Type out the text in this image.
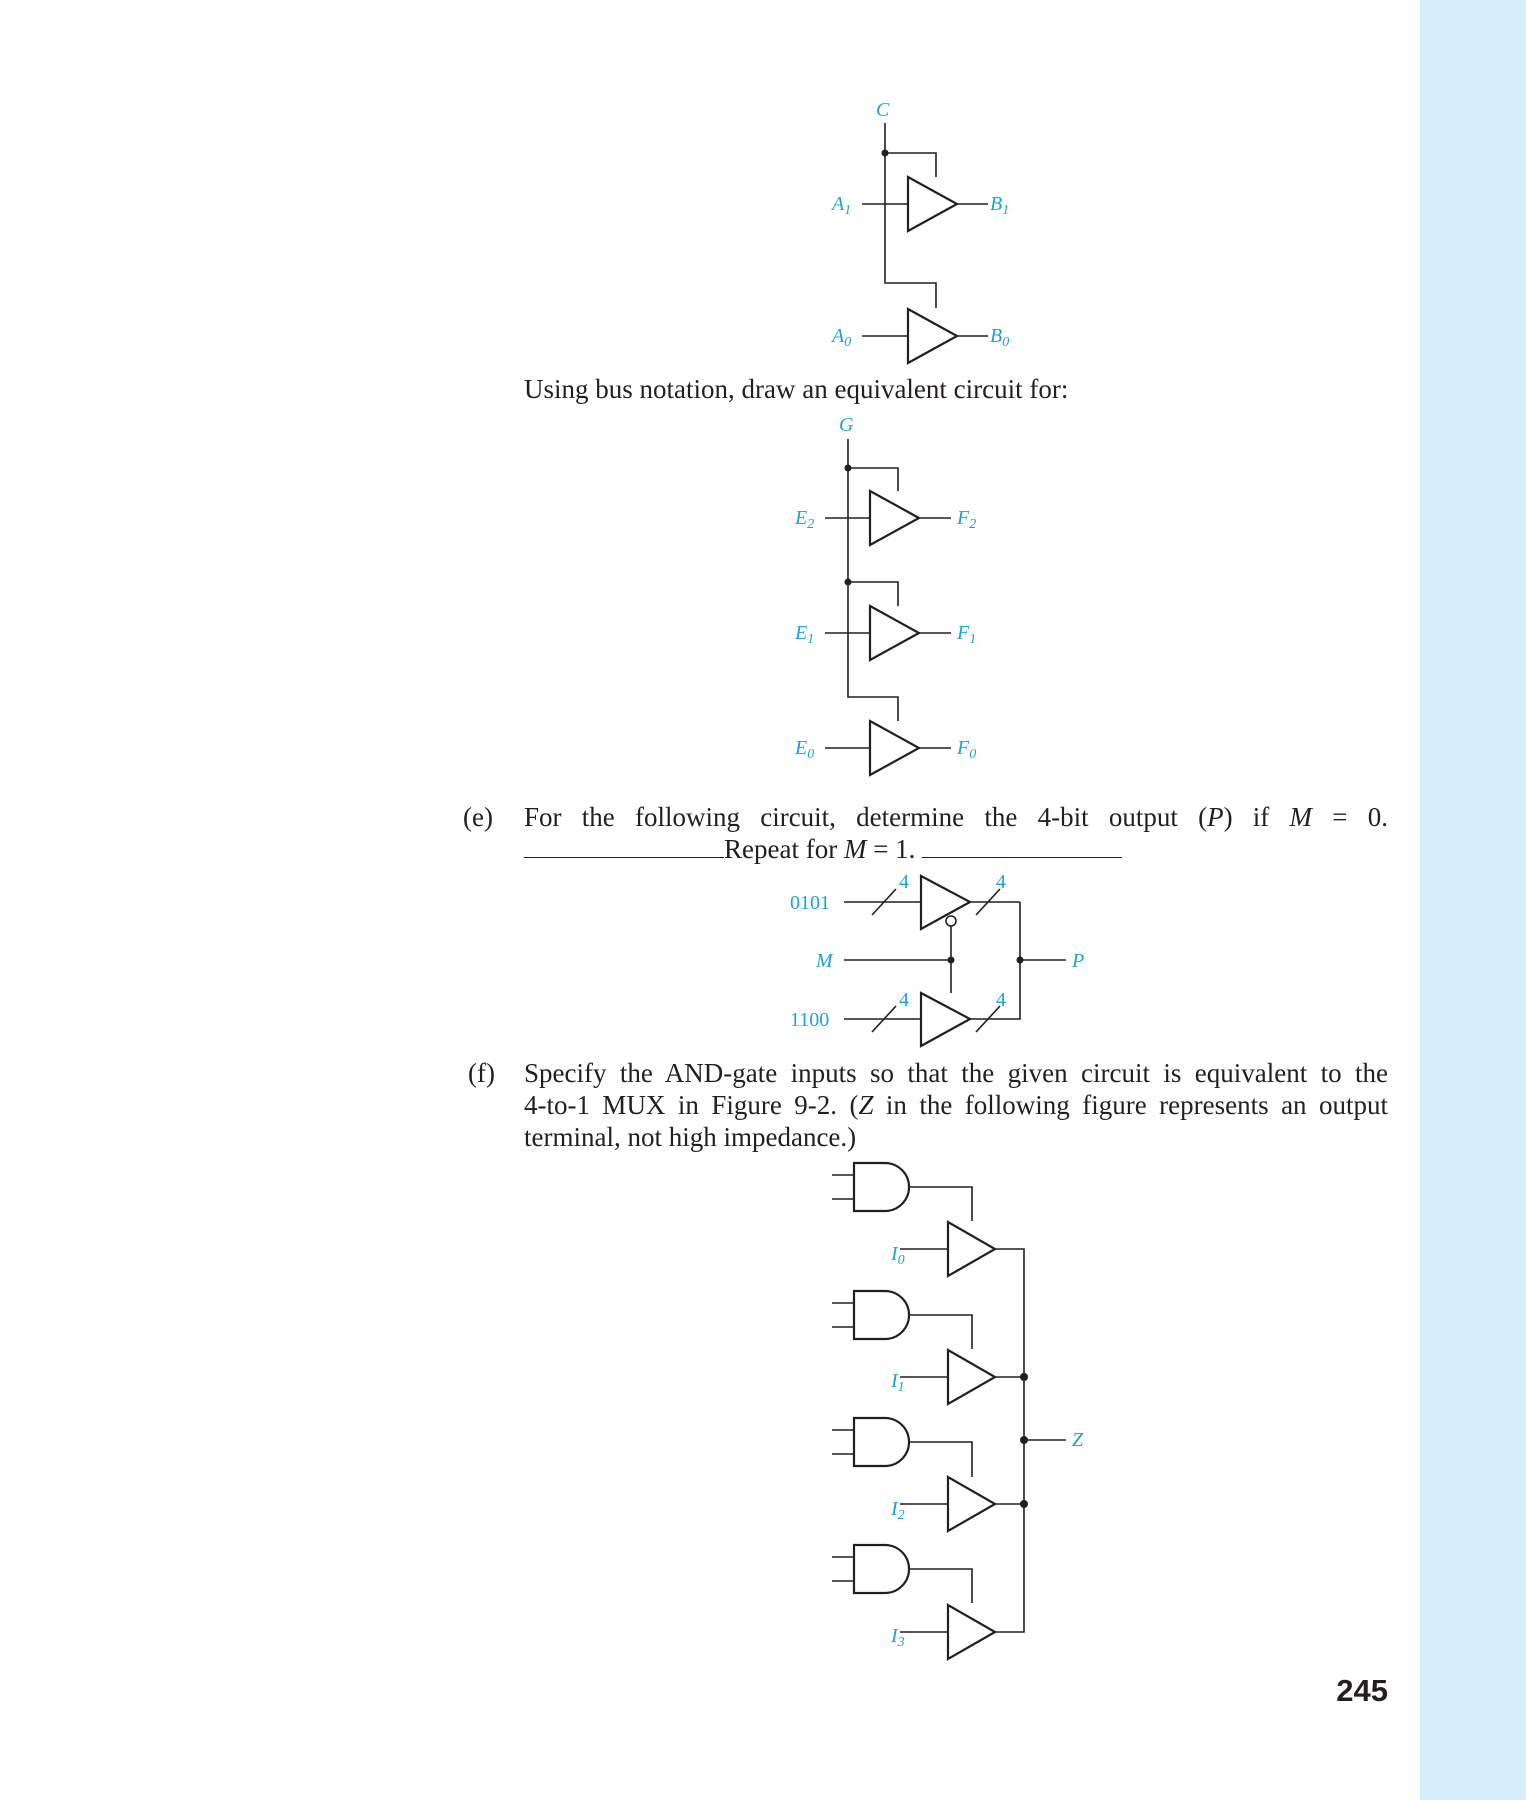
C
$A_1$	$B_1$
$A_0$	$B_0$
G
$E_2$	$F_2$
$E_1$	$F_1$
$E_0$	$F_0$
4	4
4	4
0101
M
1100
P
Z
$I_0$
$I_1$
$I_2$
$I_3$
Using bus notation, draw an equivalent circuit for:
(e) For the following circuit, determine the 4-bit output (P) if M = 0.
Repeat for M = 1.
(f) Specify the AND-gate inputs so that the given circuit is equivalent to the
4-to-1 MUX in Figure 9-2. (Z in the following figure represents an output
terminal, not high impedance.)
245
